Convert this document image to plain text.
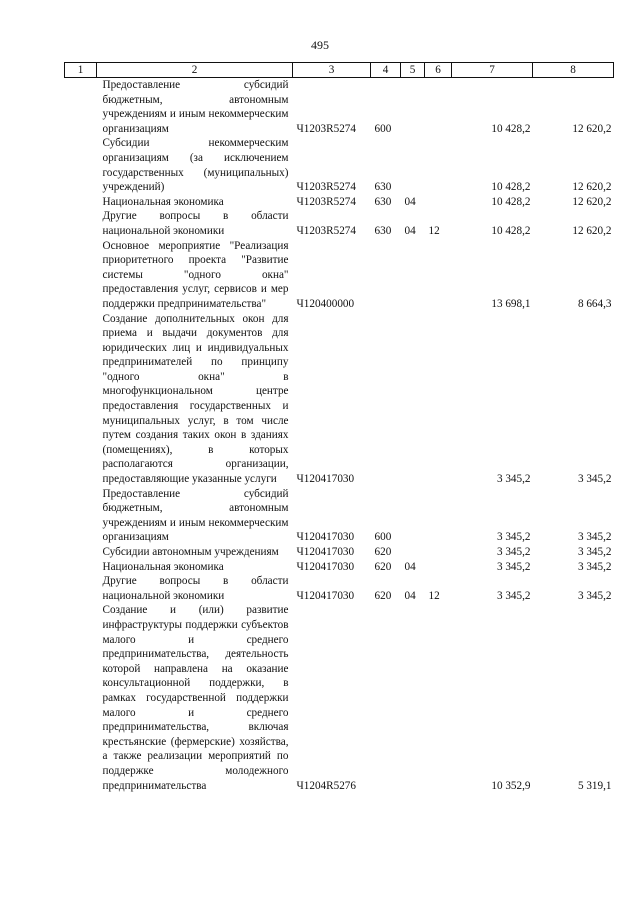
495
1	2	3	4	5	6	7	8
	Предоставление субсидий бюджетным, автономным учреждениям и иным некоммерческим организациям	Ч1203R5274	600			10 428,2	12 620,2
	Субсидии некоммерческим организациям (за исключением государственных (муниципальных) учреждений)	Ч1203R5274	630			10 428,2	12 620,2
	Национальная экономика	Ч1203R5274	630	04		10 428,2	12 620,2
	Другие вопросы в области национальной экономики	Ч1203R5274	630	04	12	10 428,2	12 620,2
	Основное мероприятие "Реализация приоритетного проекта "Развитие системы "одного окна" предоставления услуг, сервисов и мер поддержки предпринимательства"	Ч120400000				13 698,1	8 664,3
	Создание дополнительных окон для приема и выдачи документов для юридических лиц и индивидуальных предпринимателей по принципу "одного окна" в многофункциональном центре предоставления государственных и муниципальных услуг, в том числе путем создания таких окон в зданиях (помещениях), в которых располагаются организации, предоставляющие указанные услуги	Ч120417030				3 345,2	3 345,2
	Предоставление субсидий бюджетным, автономным учреждениям и иным некоммерческим организациям	Ч120417030	600			3 345,2	3 345,2
	Субсидии автономным учреждениям	Ч120417030	620			3 345,2	3 345,2
	Национальная экономика	Ч120417030	620	04		3 345,2	3 345,2
	Другие вопросы в области национальной экономики	Ч120417030	620	04	12	3 345,2	3 345,2
	Создание и (или) развитие инфраструктуры поддержки субъектов малого и среднего предпринимательства, деятельность которой направлена на оказание консультационной поддержки, в рамках государственной поддержки малого и среднего предпринимательства, включая крестьянские (фермерские) хозяйства, а также реализации мероприятий по поддержке молодежного предпринимательства	Ч1204R5276				10 352,9	5 319,1
